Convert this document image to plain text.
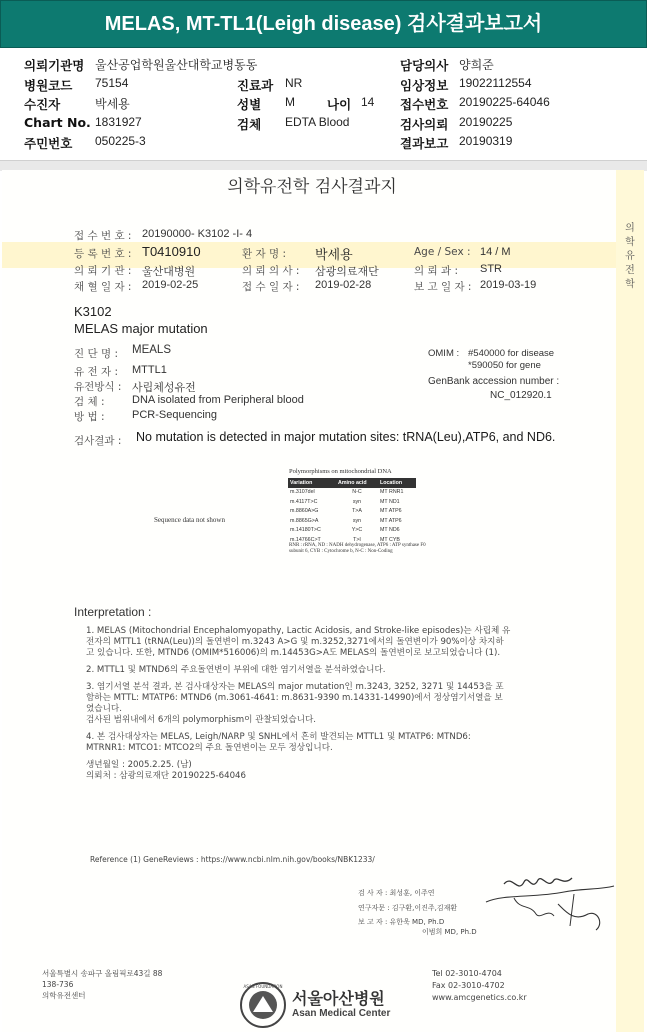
MELAS, MT-TL1(Leigh disease) 검사결과보고서
의뢰기관명 울산공업학원울산대학교병동동	담당의사 양희준
병원코드 75154	진료과 NR	임상정보 19022112554
수진자	박세용	성별 M	나이 14 접수번호 20190225-64046
Chart No. 1831927	검체 EDTA Blood	검사의뢰 20190225
주민번호 050225-3	결과보고 20190319
의학유전학 검사결과지
의
학
유
전
학
접 수 번 호 : 20190000- K3102 -I- 4
등 록 번 호 : T0410910	환 자 명 : 박세용	Age / Sex : 14 / M
의 뢰 기 관 : 울산대병원	의 뢰 의 사 : 삼광의료재단	의 뢰 과 : STR
채 혈 일 자 : 2019-02-25	접 수 일 자 : 2019-02-28	보 고 일 자 : 2019-03-19
K3102
MELAS major mutation
진 단 명 : MEALS
유 전 자 : MTTL1
유전방식 : 사립체성유전
검 체 :	DNA isolated from Peripheral blood
방 법 :	PCR-Sequencing
OMIM : #540000 for disease
*590050 for gene
GenBank accession number :
NC_012920.1
검사결과 : No mutation is detected in major mutation sites: tRNA(Leu),ATP6, and ND6.
Sequence data not shown
Polymorphisms on mitochondrial DNA
Variation	Amino acid	Location
m.3107del	N-C	MT RNR1
m.4117T>C	syn	MT ND1
m.8860A>G	T>A	MT ATP6
m.8865G>A	syn	MT ATP6
m.14180T>C	Y>C	MT ND6
m.14766C>T	T>I	MT CYB
RNR : rRNA, ND : NADH dehydrogenase, ATP6 : ATP synthase F0
subunit 6, CYB : Cytochrome b, N-C : Non-Coding
Interpretation :
1. MELAS (Mitochondrial Encephalomyopathy, Lactic Acidosis, and Stroke-like episodes)는 사립체 유
전자의 MTTL1 (tRNA(Leu))의 돌연변이 m.3243 A>G 및 m.3252,3271에서의 돌연변이가 90%이상 차지하
고 있습니다. 또한, MTND6 (OMIM*516006)의 m.14453G>A도 MELAS의 돌연변이로 보고되었습니다 (1).
2. MTTL1 및 MTND6의 주요돌연변이 부위에 대한 염기서열을 분석하였습니다.
3. 염기서열 분석 결과, 본 검사대상자는 MELAS의 major mutation인 m.3243, 3252, 3271 및 14453을 포
함하는 MTTL: MTATP6: MTND6 (m.3061-4641: m.8631-9390 m.14331-14990)에서 정상염기서열을 보
였습니다.
검사된 범위내에서 6개의 polymorphism이 관찰되었습니다.
4. 본 검사대상자는 MELAS, Leigh/NARP 및 SNHL에서 흔히 발견되는 MTTL1 및 MTATP6: MTND6:
MTRNR1: MTCO1: MTCO2의 주요 돌연변이는 모두 정상입니다.
생년월일 : 2005.2.25. (남)
의뢰처 : 삼광의료재단 20190225-64046
Reference (1) GeneReviews : https://www.ncbi.nlm.nih.gov/books/NBK1233/
검 사 자 : 최성훈, 이주연
연구자문 : 김구환,이진주,김재환
보 고 자 : 유한욱 MD, Ph.D
이범희 MD, Ph.D
서울특별시 송파구 올림픽로43길 88
138-736
의학유전센터
ASAN FOUNDATION
서울아산병원
Asan Medical Center
Tel 02-3010-4704
Fax 02-3010-4702
www.amcgenetics.co.kr
